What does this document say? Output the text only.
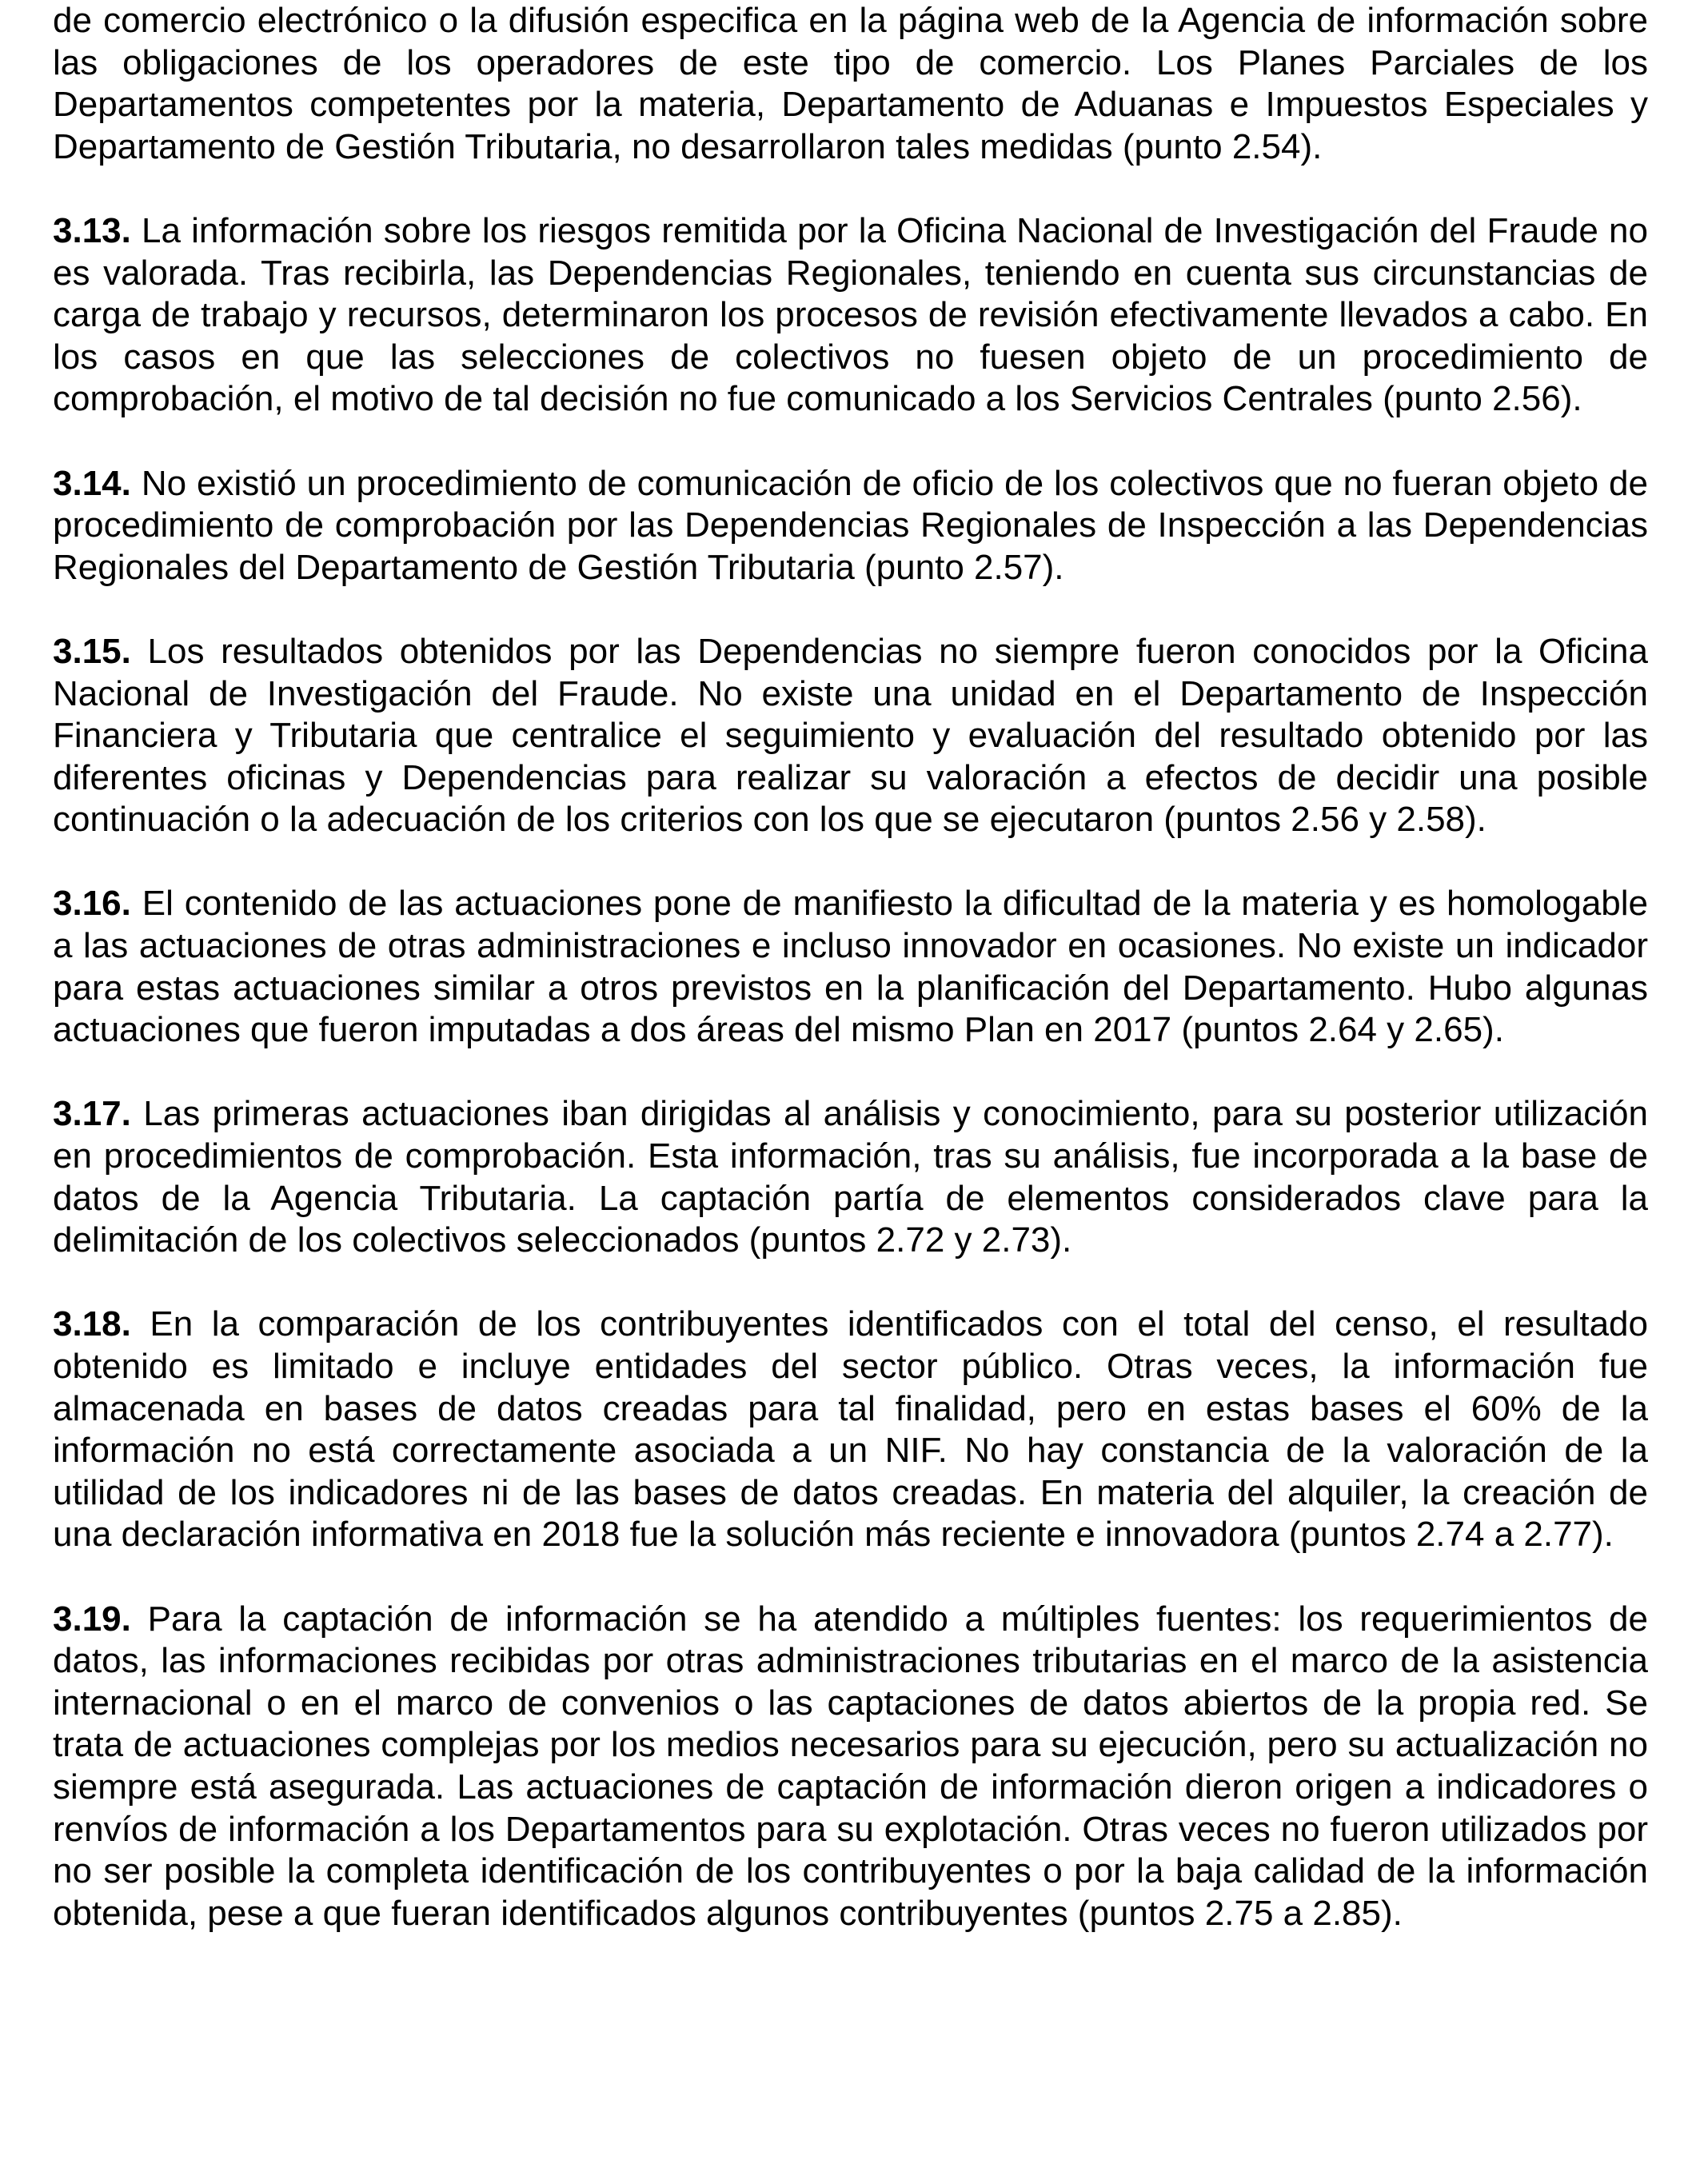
de comercio electrónico o la difusión especifica en la página web de la Agencia de información sobre las obligaciones de los operadores de este tipo de comercio. Los Planes Parciales de los Departamentos competentes por la materia, Departamento de Aduanas e Impuestos Especiales y Departamento de Gestión Tributaria, no desarrollaron tales medidas (punto 2.54).

3.13. La información sobre los riesgos remitida por la Oficina Nacional de Investigación del Fraude no es valorada. Tras recibirla, las Dependencias Regionales, teniendo en cuenta sus circunstancias de carga de trabajo y recursos, determinaron los procesos de revisión efectivamente llevados a cabo. En los casos en que las selecciones de colectivos no fuesen objeto de un procedimiento de comprobación, el motivo de tal decisión no fue comunicado a los Servicios Centrales (punto 2.56).

3.14. No existió un procedimiento de comunicación de oficio de los colectivos que no fueran objeto de procedimiento de comprobación por las Dependencias Regionales de Inspección a las Dependencias Regionales del Departamento de Gestión Tributaria (punto 2.57).

3.15. Los resultados obtenidos por las Dependencias no siempre fueron conocidos por la Oficina Nacional de Investigación del Fraude. No existe una unidad en el Departamento de Inspección Financiera y Tributaria que centralice el seguimiento y evaluación del resultado obtenido por las diferentes oficinas y Dependencias para realizar su valoración a efectos de decidir una posible continuación o la adecuación de los criterios con los que se ejecutaron (puntos 2.56 y 2.58).

3.16. El contenido de las actuaciones pone de manifiesto la dificultad de la materia y es homologable a las actuaciones de otras administraciones e incluso innovador en ocasiones. No existe un indicador para estas actuaciones similar a otros previstos en la planificación del Departamento. Hubo algunas actuaciones que fueron imputadas a dos áreas del mismo Plan en 2017 (puntos 2.64 y 2.65).

3.17. Las primeras actuaciones iban dirigidas al análisis y conocimiento, para su posterior utilización en procedimientos de comprobación. Esta información, tras su análisis, fue incorporada a la base de datos de la Agencia Tributaria. La captación partía de elementos considerados clave para la delimitación de los colectivos seleccionados (puntos 2.72 y 2.73).

3.18. En la comparación de los contribuyentes identificados con el total del censo, el resultado obtenido es limitado e incluye entidades del sector público. Otras veces, la información fue almacenada en bases de datos creadas para tal finalidad, pero en estas bases el 60% de la información no está correctamente asociada a un NIF. No hay constancia de la valoración de la utilidad de los indicadores ni de las bases de datos creadas. En materia del alquiler, la creación de una declaración informativa en 2018 fue la solución más reciente e innovadora (puntos 2.74 a 2.77).

3.19. Para la captación de información se ha atendido a múltiples fuentes: los requerimientos de datos, las informaciones recibidas por otras administraciones tributarias en el marco de la asistencia internacional o en el marco de convenios o las captaciones de datos abiertos de la propia red. Se trata de actuaciones complejas por los medios necesarios para su ejecución, pero su actualización no siempre está asegurada. Las actuaciones de captación de información dieron origen a indicadores o renvíos de información a los Departamentos para su explotación. Otras veces no fueron utilizados por no ser posible la completa identificación de los contribuyentes o por la baja calidad de la información obtenida, pese a que fueran identificados algunos contribuyentes (puntos 2.75 a 2.85).
